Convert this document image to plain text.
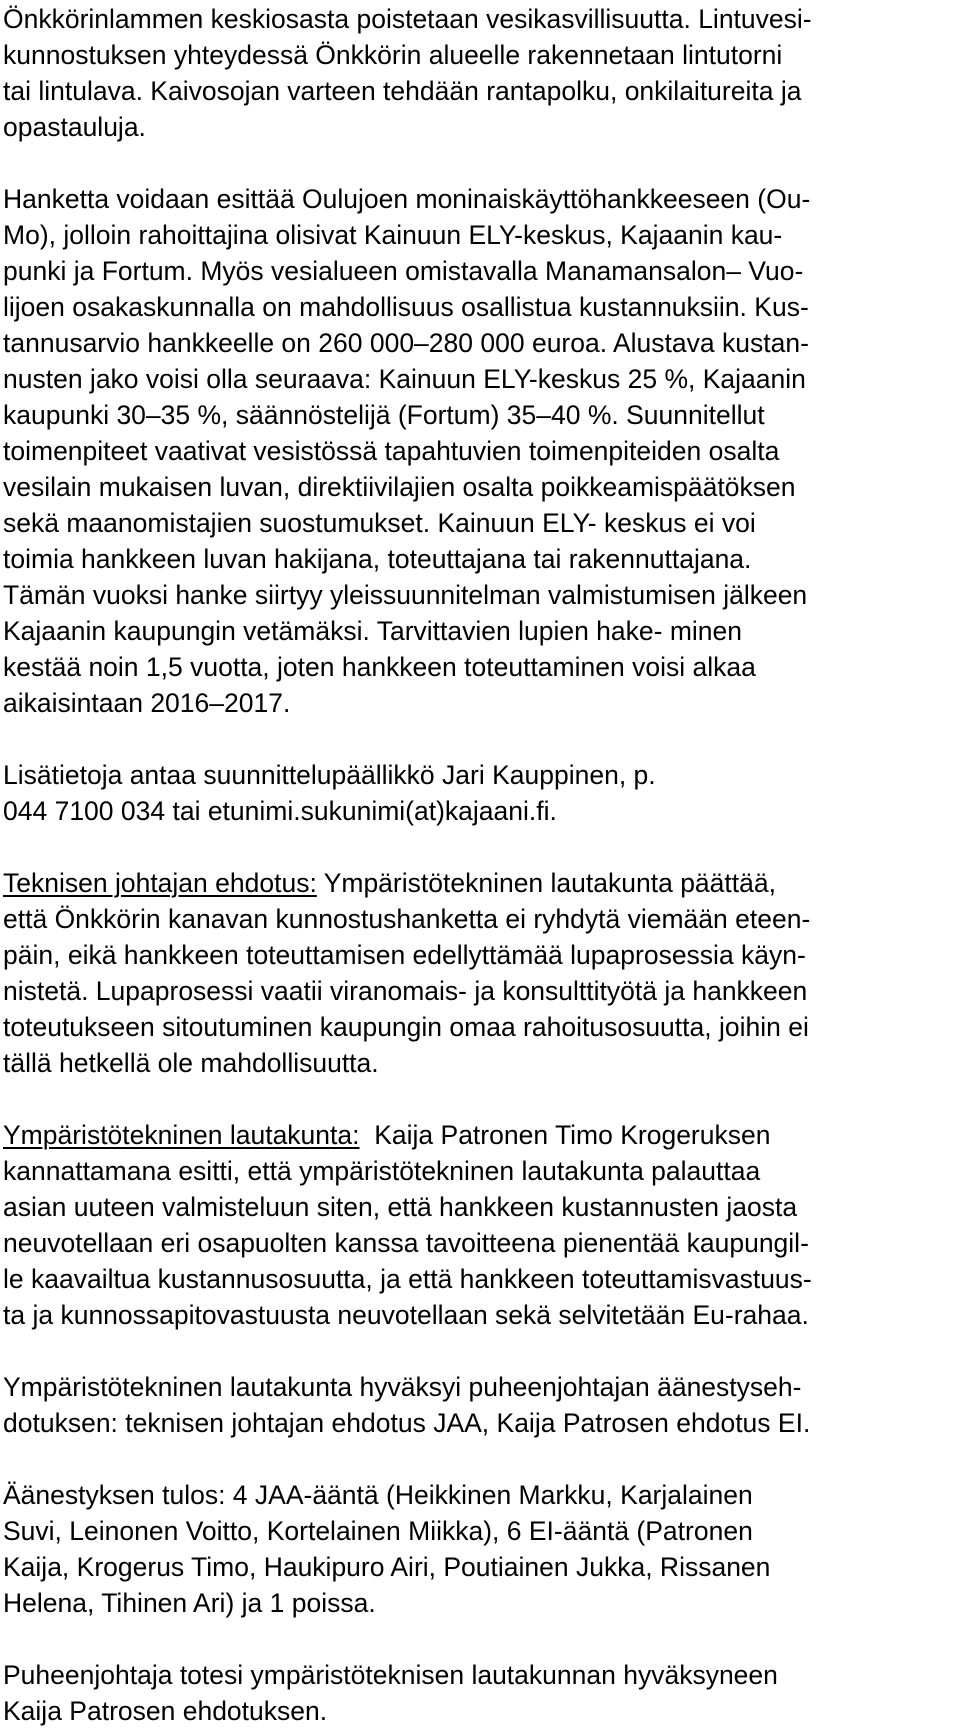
Önkkörinlammen keskiosasta poistetaan vesikasvillisuutta. Lintuvesi-
kunnostuksen yhteydessä Önkkörin alueelle rakennetaan lintutorni
tai lintulava. Kaivosojan varteen tehdään rantapolku, onkilaitureita ja
opastauluja.

Hanketta voidaan esittää Oulujoen moninaiskäyttöhankkeeseen (Ou-
Mo), jolloin rahoittajina olisivat Kainuun ELY-keskus, Kajaanin kau-
punki ja Fortum. Myös vesialueen omistavalla Manamansalon– Vuo-
lijoen osakaskunnalla on mahdollisuus osallistua kustannuksiin. Kus-
tannusarvio hankkeelle on 260 000–280 000 euroa. Alustava kustan-
nusten jako voisi olla seuraava: Kainuun ELY-keskus 25 %, Kajaanin
kaupunki 30–35 %, säännöstelijä (Fortum) 35–40 %. Suunnitellut
toimenpiteet vaativat vesistössä tapahtuvien toimenpiteiden osalta
vesilain mukaisen luvan, direktiivilajien osalta poikkeamispäätöksen
sekä maanomistajien suostumukset. Kainuun ELY- keskus ei voi
toimia hankkeen luvan hakijana, toteuttajana tai rakennuttajana.
Tämän vuoksi hanke siirtyy yleissuunnitelman valmistumisen jälkeen
Kajaanin kaupungin vetämäksi. Tarvittavien lupien hake- minen
kestää noin 1,5 vuotta, joten hankkeen toteuttaminen voisi alkaa
aikaisintaan 2016–2017.

Lisätietoja antaa suunnittelupäällikkö Jari Kauppinen, p.
044 7100 034 tai etunimi.sukunimi(at)kajaani.fi.

Teknisen johtajan ehdotus: Ympäristötekninen lautakunta päättää,
että Önkkörin kanavan kunnostushanketta ei ryhdytä viemään eteen-
päin, eikä hankkeen toteuttamisen edellyttämää lupaprosessia käyn-
nistetä. Lupaprosessi vaatii viranomais- ja konsulttityötä ja hankkeen
toteutukseen sitoutuminen kaupungin omaa rahoitusosuutta, joihin ei
tällä hetkellä ole mahdollisuutta.

Ympäristötekninen lautakunta:  Kaija Patronen Timo Krogeruksen
kannattamana esitti, että ympäristötekninen lautakunta palauttaa
asian uuteen valmisteluun siten, että hankkeen kustannusten jaosta
neuvotellaan eri osapuolten kanssa tavoitteena pienentää kaupungil-
le kaavailtua kustannusosuutta, ja että hankkeen toteuttamisvastuus-
ta ja kunnossapitovastuusta neuvotellaan sekä selvitetään Eu-rahaa.

Ympäristötekninen lautakunta hyväksyi puheenjohtajan äänestyseh-
dotuksen: teknisen johtajan ehdotus JAA, Kaija Patrosen ehdotus EI.

Äänestyksen tulos: 4 JAA-ääntä (Heikkinen Markku, Karjalainen
Suvi, Leinonen Voitto, Kortelainen Miikka), 6 EI-ääntä (Patronen
Kaija, Krogerus Timo, Haukipuro Airi, Poutiainen Jukka, Rissanen
Helena, Tihinen Ari) ja 1 poissa.

Puheenjohtaja totesi ympäristöteknisen lautakunnan hyväksyneen
Kaija Patrosen ehdotuksen.
